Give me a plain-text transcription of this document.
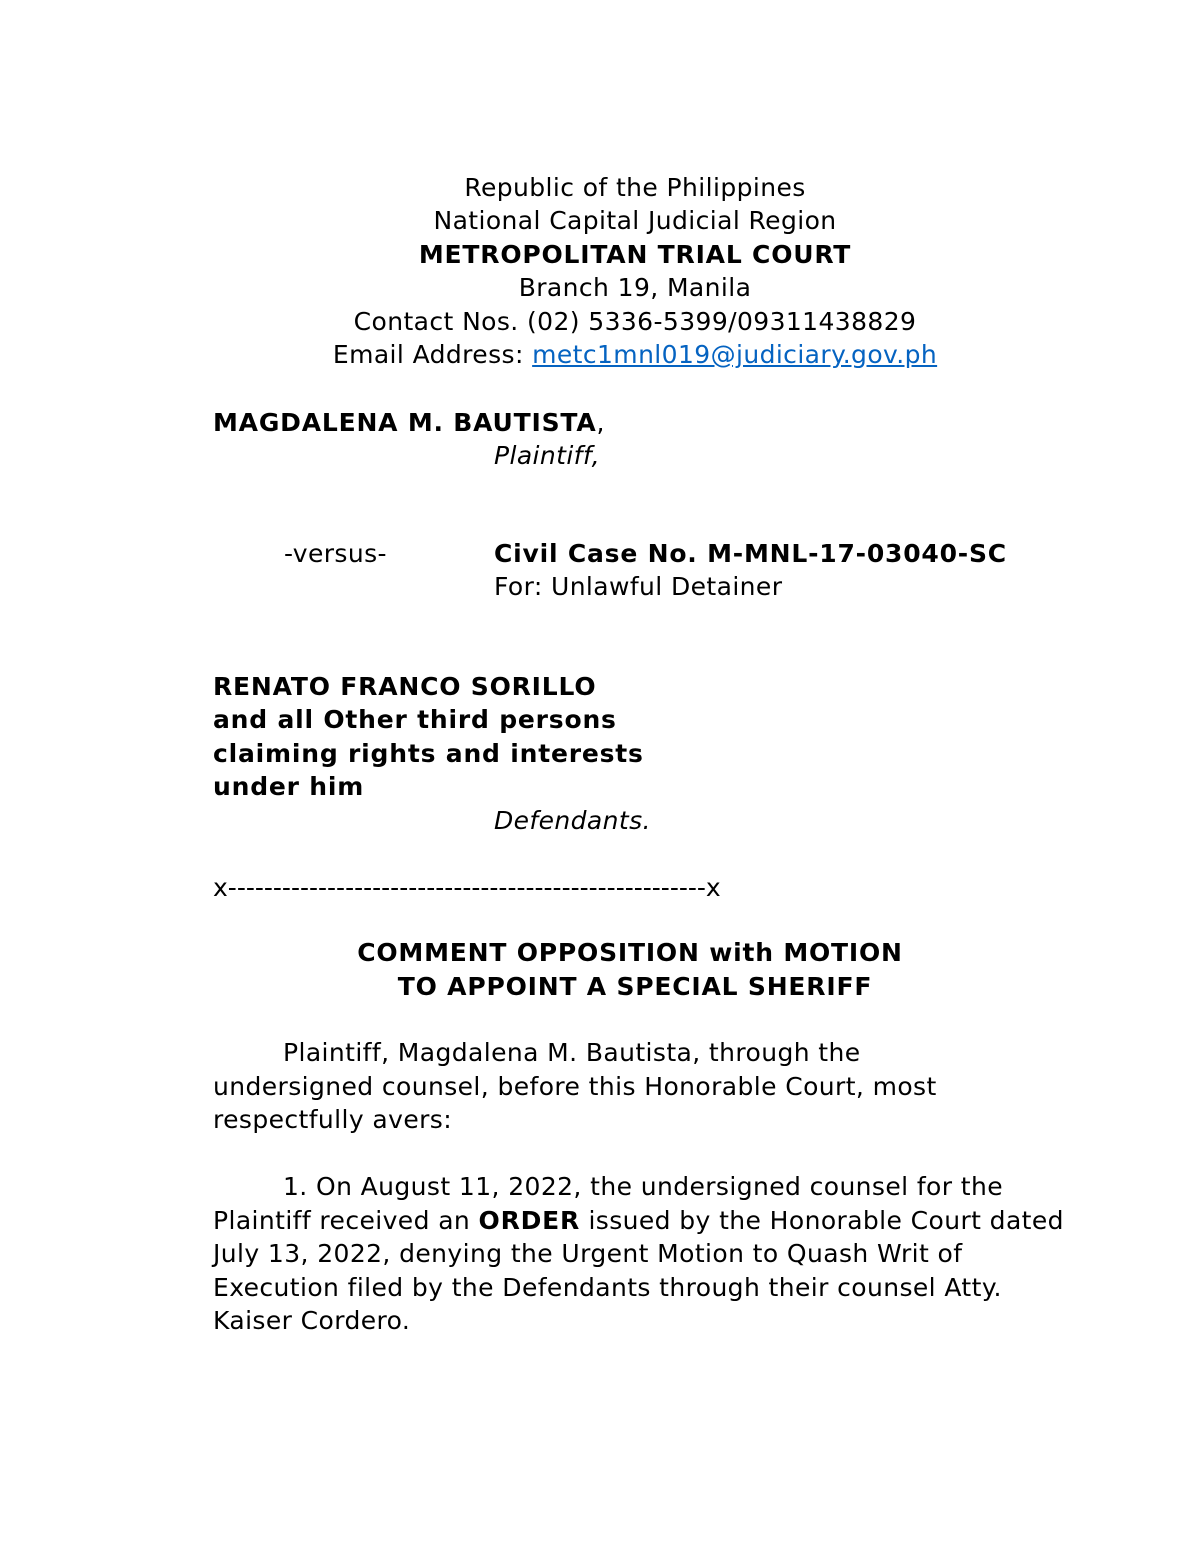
Republic of the Philippines
National Capital Judicial Region
METROPOLITAN TRIAL COURT
Branch 19, Manila
Contact Nos. (02) 5336-5399/09311438829
Email Address: metc1mnl019@judiciary.gov.ph
MAGDALENA M. BAUTISTA,
Plaintiff,
-versus-	Civil Case No. M-MNL-17-03040-SC
For: Unlawful Detainer
RENATO FRANCO SORILLO
and all Other third persons
claiming rights and interests
under him
Defendants.
x-----------------------------------------------------x
COMMENT OPPOSITION with MOTION
TO APPOINT A SPECIAL SHERIFF
Plaintiff, Magdalena M. Bautista, through the undersigned counsel, before this Honorable Court, most respectfully avers:
1. On August 11, 2022, the undersigned counsel for the Plaintiff received an ORDER issued by the Honorable Court dated July 13, 2022, denying the Urgent Motion to Quash Writ of Execution filed by the Defendants through their counsel Atty. Kaiser Cordero.
